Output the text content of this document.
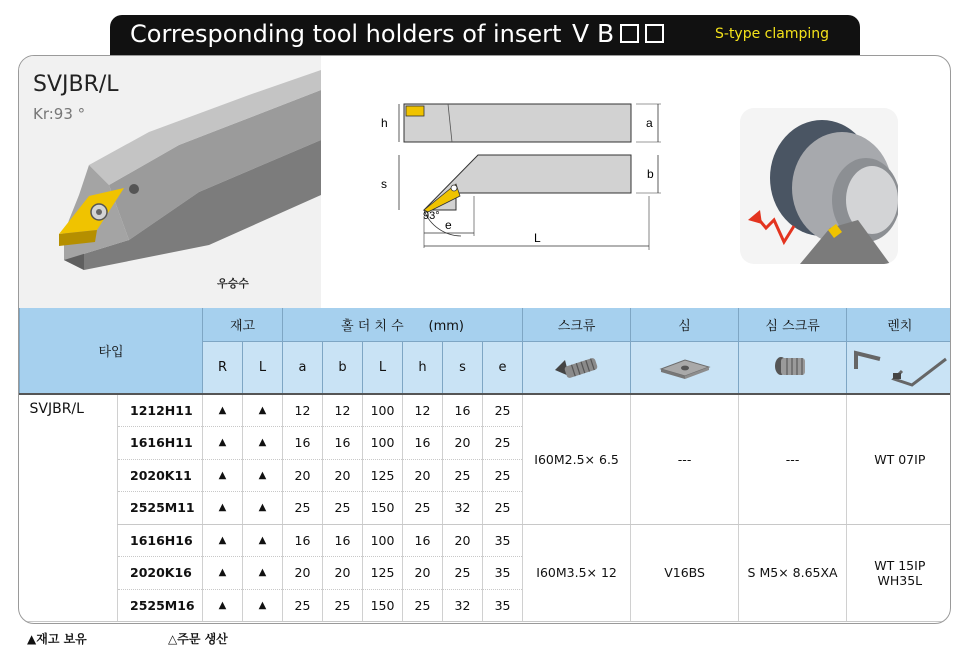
Corresponding tool holders of insert V B	S-type clamping
SVJBR/L
Kr:93 °
우승수
h	a
s
b
93°
e
L
타입		재고		홀 더 치 수 (mm)						스크류	심	심 스크류	렌치
		R	L	a	b	L	h	s	e	

SVJBR/L	1212H11	▲	▲	12	12	100	12	16	25	I60M2.5× 6.5	---	---	WT 07IP
	1616H11	▲	▲	16	16	100	16	20	25				
	2020K11	▲	▲	20	20	125	20	25	25				
	2525M11	▲	▲	25	25	150	25	32	25				
	1616H16	▲	▲	16	16	100	16	20	35	I60M3.5× 12	V16BS	S M5× 8.65XA	WT 15IP
WH35L

	2020K16	▲	▲	20	20	125	20	25	35				
	2525M16	▲	▲	25	25	150	25	32	35				
▲재고 보유	△주문 생산
